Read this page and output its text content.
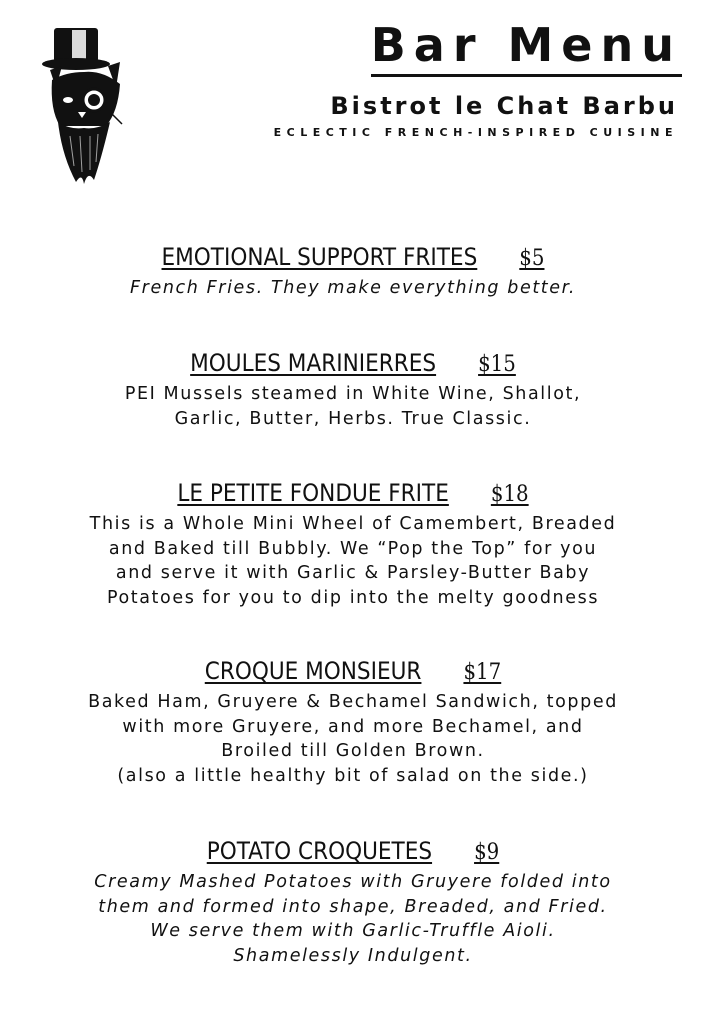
Bar Menu
Bistrot le Chat Barbu
ECLECTIC FRENCH-INSPIRED CUISINE
EMOTIONAL SUPPORT FRITES $5
French Fries. They make everything better.
MOULES MARINIERRES $15
PEI Mussels steamed in White Wine, Shallot,
Garlic, Butter, Herbs. True Classic.
LE PETITE FONDUE FRITE $18
This is a Whole Mini Wheel of Camembert, Breaded
and Baked till Bubbly. We “Pop the Top” for you
and serve it with Garlic & Parsley-Butter Baby
Potatoes for you to dip into the melty goodness
CROQUE MONSIEUR $17
Baked Ham, Gruyere & Bechamel Sandwich, topped
with more Gruyere, and more Bechamel, and
Broiled till Golden Brown.
(also a little healthy bit of salad on the side.)
POTATO CROQUETES $9
Creamy Mashed Potatoes with Gruyere folded into
them and formed into shape, Breaded, and Fried.
We serve them with Garlic-Truffle Aioli.
Shamelessly Indulgent.
